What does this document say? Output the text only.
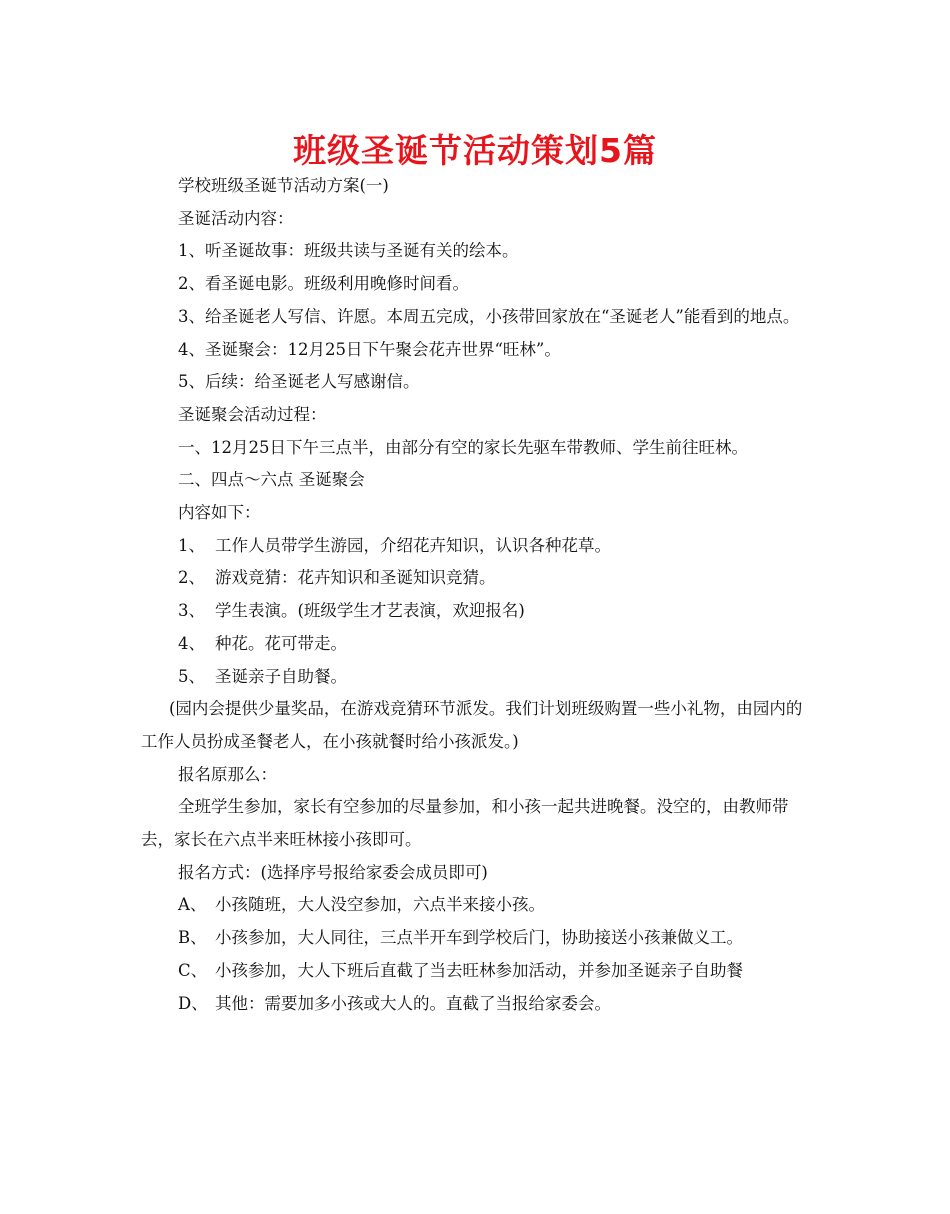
班级圣诞节活动策划5篇

学校班级圣诞节活动方案(一)

圣诞活动内容：

1、听圣诞故事：班级共读与圣诞有关的绘本。

2、看圣诞电影。班级利用晚修时间看。

3、给圣诞老人写信、许愿。本周五完成，小孩带回家放在“圣诞老人”能看到的地点。

4、圣诞聚会：12月25日下午聚会花卉世界“旺林”。

5、后续：给圣诞老人写感谢信。

圣诞聚会活动过程：

一、12月25日下午三点半，由部分有空的家长先驱车带教师、学生前往旺林。

二、四点～六点 圣诞聚会

内容如下：

1、 工作人员带学生游园，介绍花卉知识，认识各种花草。

2、 游戏竞猜：花卉知识和圣诞知识竞猜。

3、 学生表演。(班级学生才艺表演，欢迎报名)

4、 种花。花可带走。

5、 圣诞亲子自助餐。

(园内会提供少量奖品，在游戏竞猜环节派发。我们计划班级购置一些小礼物，由园内的工作人员扮成圣餐老人，在小孩就餐时给小孩派发。)

报名原那么：

全班学生参加，家长有空参加的尽量参加，和小孩一起共进晚餐。没空的，由教师带去，家长在六点半来旺林接小孩即可。

报名方式：(选择序号报给家委会成员即可)

A、 小孩随班，大人没空参加，六点半来接小孩。

B、 小孩参加，大人同往，三点半开车到学校后门，协助接送小孩兼做义工。

C、 小孩参加，大人下班后直截了当去旺林参加活动，并参加圣诞亲子自助餐

D、 其他：需要加多小孩或大人的。直截了当报给家委会。
